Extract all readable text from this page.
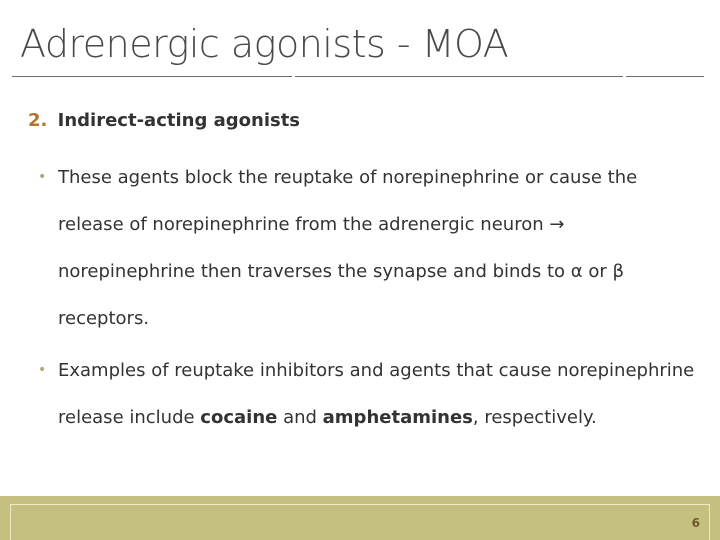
Adrenergic agonists - MOA
2. Indirect-acting agonists
• These agents block the reuptake of norepinephrine or cause the release of norepinephrine from the adrenergic neuron → norepinephrine then traverses the synapse and binds to α or β receptors.
• Examples of reuptake inhibitors and agents that cause norepinephrine release include cocaine and amphetamines, respectively.
6
